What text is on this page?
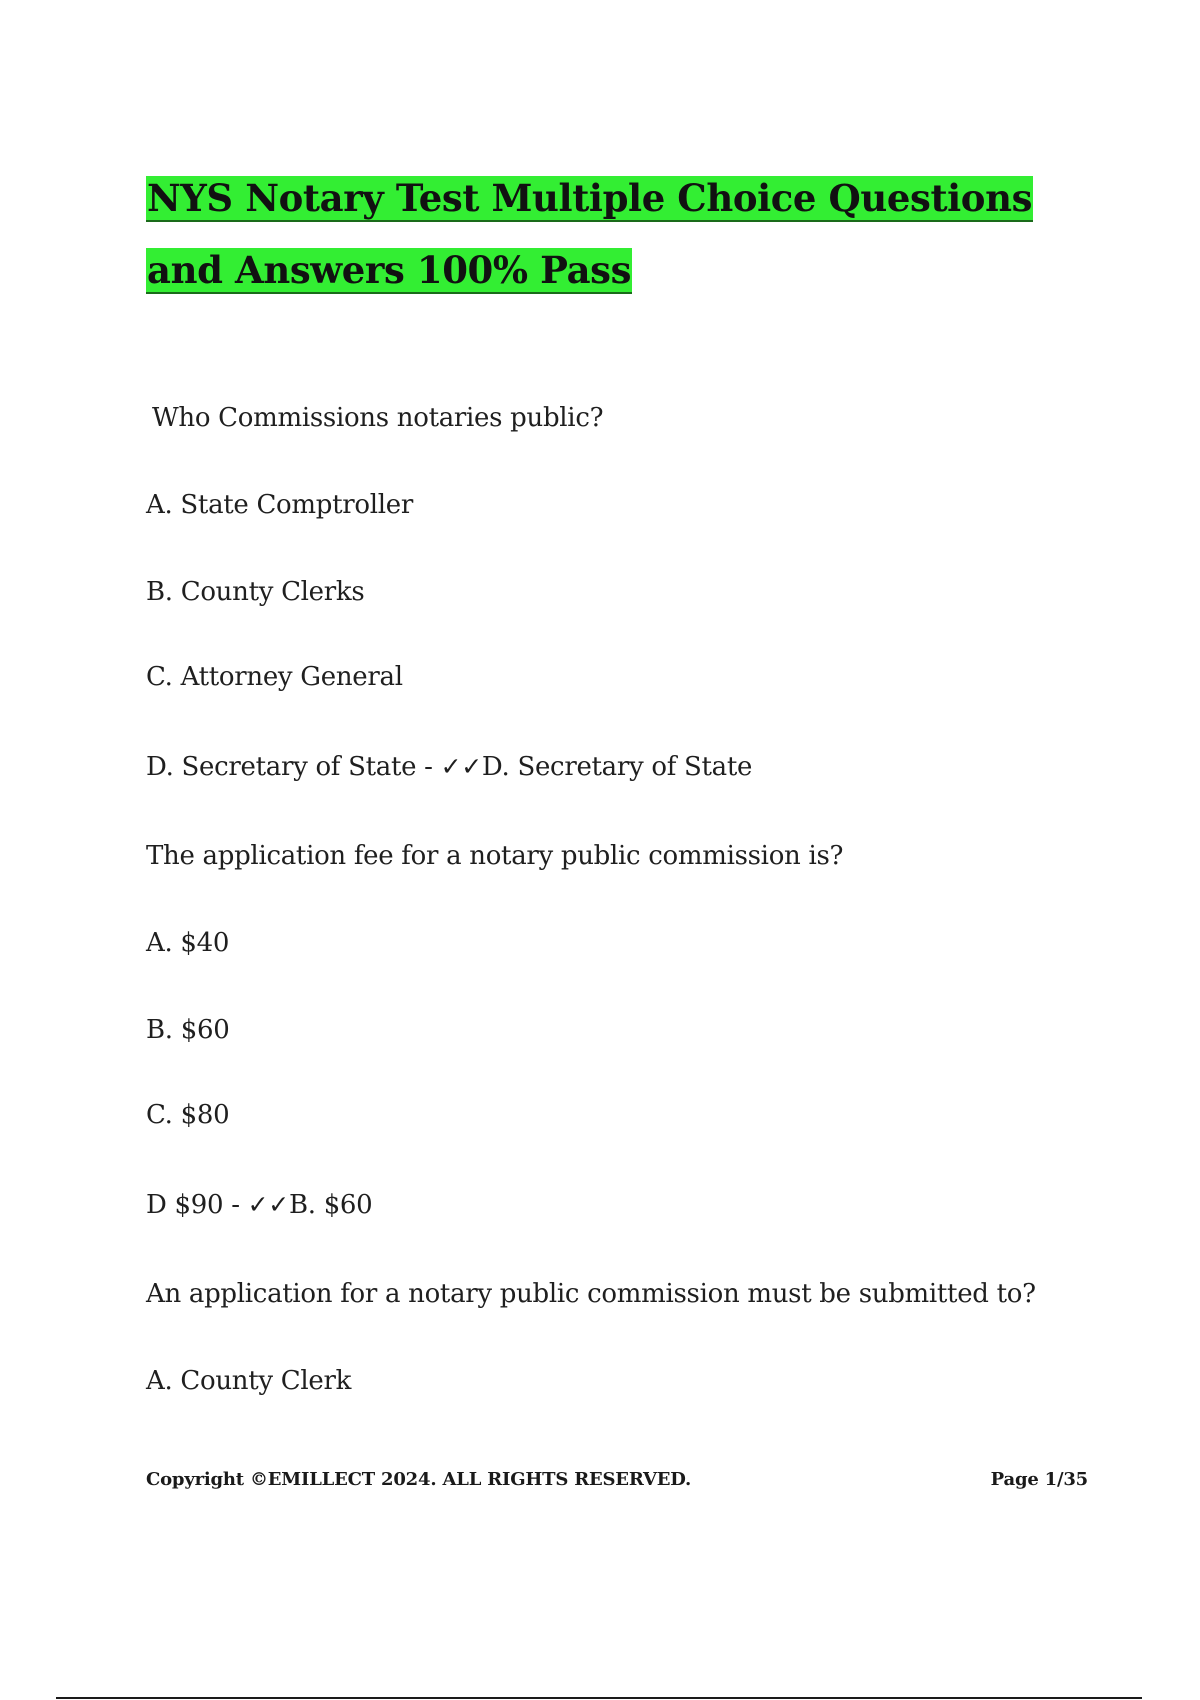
NYS Notary Test Multiple Choice Questions and Answers 100% Pass

Who Commissions notaries public?

A. State Comptroller

B. County Clerks

C. Attorney General

D. Secretary of State - ✓✓D. Secretary of State

The application fee for a notary public commission is?

A. $40

B. $60

C. $80

D $90 - ✓✓B. $60

An application for a notary public commission must be submitted to?

A. County Clerk

Copyright ©EMILLECT 2024. ALL RIGHTS RESERVED.	Page 1/35
